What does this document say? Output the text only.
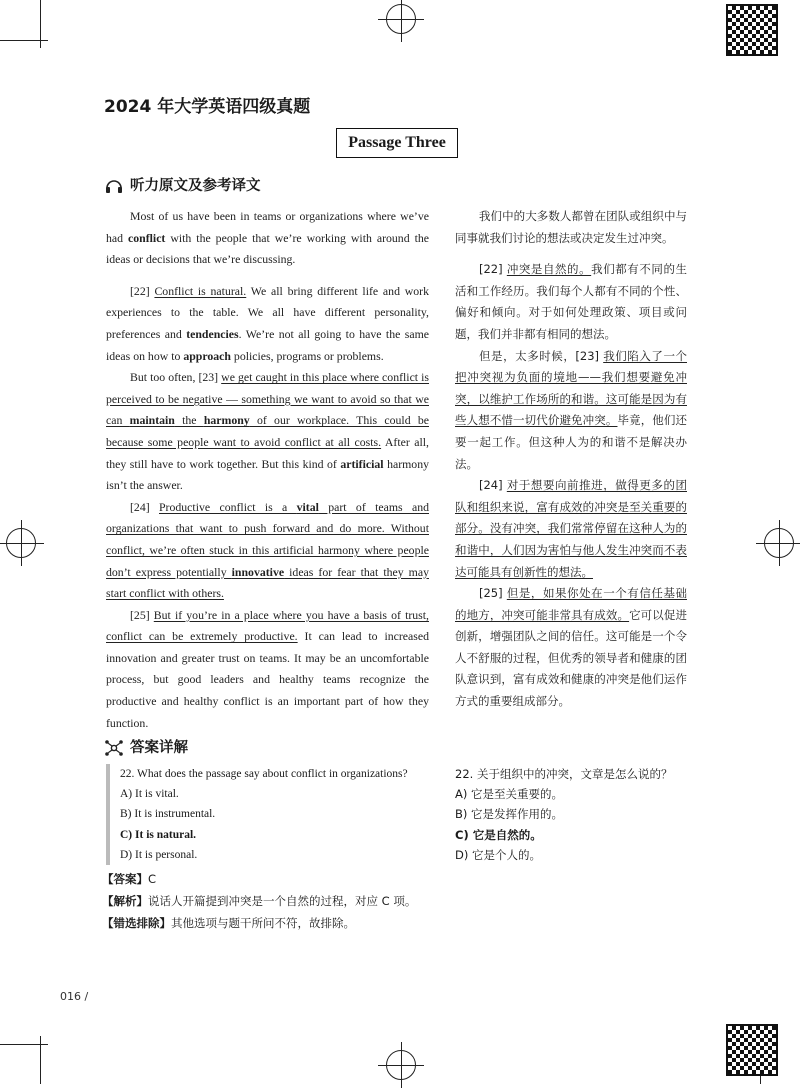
2024 年大学英语四级真题
Passage Three
听力原文及参考译文

Most of us have been in teams or organizations where we’ve had conflict with the people that we’re working with around the ideas or decisions that we’re discussing.

[22] Conflict is natural. We all bring different life and work experiences to the table. We all have different personality, preferences and tendencies. We’re not all going to have the same ideas on how to approach policies, programs or problems.

But too often, [23] we get caught in this place where conflict is perceived to be negative — something we want to avoid so that we can maintain the harmony of our workplace. This could be because some people want to avoid conflict at all costs. After all, they still have to work together. But this kind of artificial harmony isn’t the answer.

[24] Productive conflict is a vital part of teams and organizations that want to push forward and do more. Without conflict, we’re often stuck in this artificial harmony where people don’t express potentially innovative ideas for fear that they may start conflict with others.

[25] But if you’re in a place where you have a basis of trust, conflict can be extremely productive. It can lead to increased innovation and greater trust on teams. It may be an uncomfortable process, but good leaders and healthy teams recognize the productive and healthy conflict is an important part of how they function.

我们中的大多数人都曾在团队或组织中与同事就我们讨论的想法或决定发生过冲突。

[22] 冲突是自然的。我们都有不同的生活和工作经历。我们每个人都有不同的个性、偏好和倾向。对于如何处理政策、项目或问题，我们并非都有相同的想法。

但是，太多时候，[23] 我们陷入了一个把冲突视为负面的境地——我们想要避免冲突，以维护工作场所的和谐。这可能是因为有些人想不惜一切代价避免冲突。毕竟，他们还要一起工作。但这种人为的和谐不是解决办法。

[24] 对于想要向前推进，做得更多的团队和组织来说，富有成效的冲突是至关重要的部分。没有冲突，我们常常停留在这种人为的和谐中，人们因为害怕与他人发生冲突而不表达可能具有创新性的想法。

[25] 但是，如果你处在一个有信任基础的地方，冲突可能非常具有成效。它可以促进创新，增强团队之间的信任。这可能是一个令人不舒服的过程，但优秀的领导者和健康的团队意识到，富有成效和健康的冲突是他们运作方式的重要组成部分。

答案详解
22. What does the passage say about conflict in organizations?
A) It is vital.
B) It is instrumental.
C) It is natural.
D) It is personal.
22. 关于组织中的冲突，文章是怎么说的？
A) 它是至关重要的。
B) 它是发挥作用的。
C) 它是自然的。
D) 它是个人的。
【答案】C
【解析】说话人开篇提到冲突是一个自然的过程，对应 C 项。
【错选排除】其他选项与题干所问不符，故排除。
016 /
